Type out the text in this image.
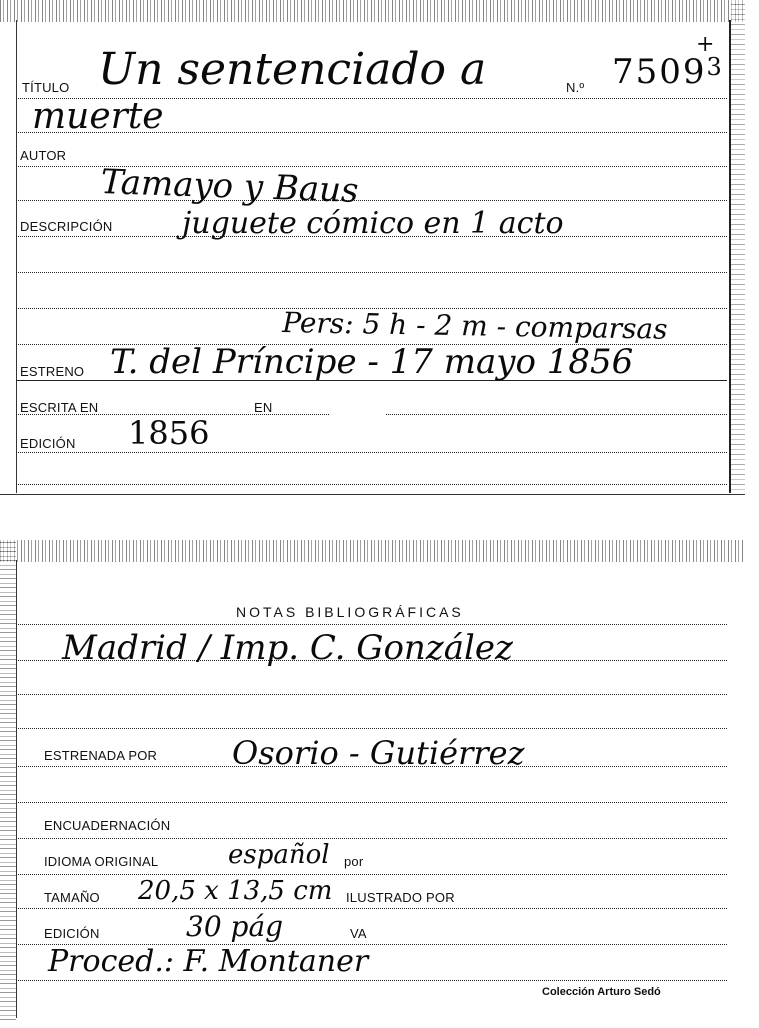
TÍTULO Un sentenciado a	N.º $7509^3$
+
muerte
AUTOR
Tamayo y Baus
DESCRIPCIÓN juguete cómico en 1 acto
Pers: 5 h - 2 m - comparsas
ESTRENO T. del Príncipe - 17 mayo 1856
ESCRITA EN	EN
EDICIÓN 1856
NOTAS BIBLIOGRÁFICAS
Madrid / Imp. C. González
ESTRENADA POR Osorio - Gutiérrez
ENCUADERNACIÓN
IDIOMA ORIGINAL	español por
TAMAÑO 20,5 x 13,5 cm ILUSTRADO POR
EDICIÓN	30 pág	VA
Proced.: F. Montaner
Colección Arturo Sedó
